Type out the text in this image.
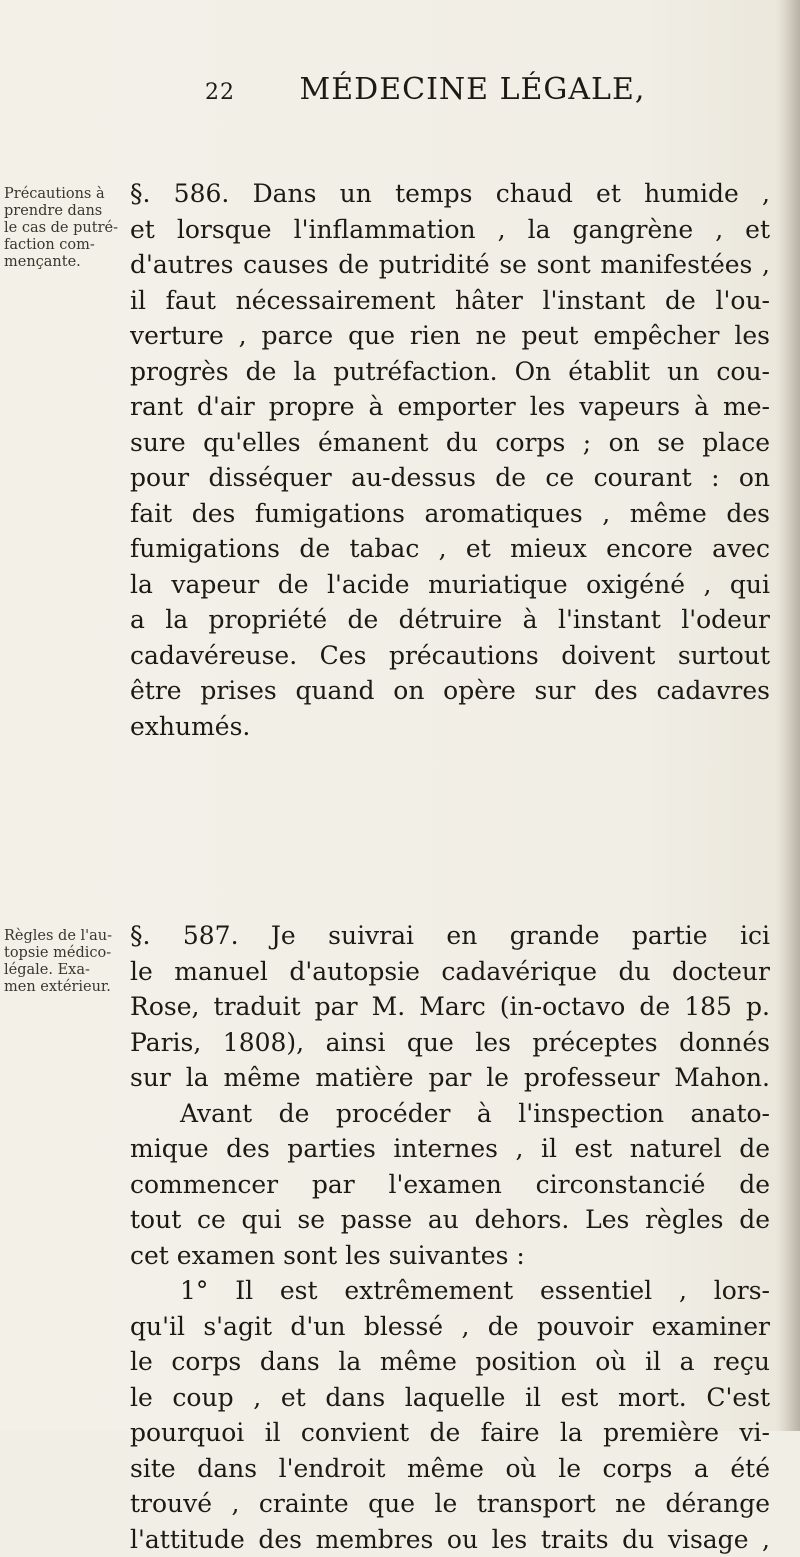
22 MÉDECINE LÉGALE,
Précautions à
prendre dans
le cas de putré-
faction com-
mençante.
Règles de l'au-
topsie médico-
légale. Exa-
men extérieur.
§. 586. Dans un temps chaud et humide ,
et lorsque l'inflammation , la gangrène , et
d'autres causes de putridité se sont manifestées ,
il faut nécessairement hâter l'instant de l'ou-
verture , parce que rien ne peut empêcher les
progrès de la putréfaction. On établit un cou-
rant d'air propre à emporter les vapeurs à me-
sure qu'elles émanent du corps ; on se place
pour disséquer au-dessus de ce courant : on
fait des fumigations aromatiques , même des
fumigations de tabac , et mieux encore avec
la vapeur de l'acide muriatique oxigéné , qui
a la propriété de détruire à l'instant l'odeur
cadavéreuse. Ces précautions doivent surtout
être prises quand on opère sur des cadavres
exhumés.
§. 587. Je suivrai en grande partie ici
le manuel d'autopsie cadavérique du docteur
Rose, traduit par M. Marc (in-octavo de 185 p.
Paris, 1808), ainsi que les préceptes donnés
sur la même matière par le professeur Mahon.
Avant de procéder à l'inspection anato-
mique des parties internes , il est naturel de
commencer par l'examen circonstancié de
tout ce qui se passe au dehors. Les règles de
cet examen sont les suivantes :
1° Il est extrêmement essentiel , lors-
qu'il s'agit d'un blessé , de pouvoir examiner
le corps dans la même position où il a reçu
le coup , et dans laquelle il est mort. C'est
pourquoi il convient de faire la première vi-
site dans l'endroit même où le corps a été
trouvé , crainte que le transport ne dérange
l'attitude des membres ou les traits du visage ,
